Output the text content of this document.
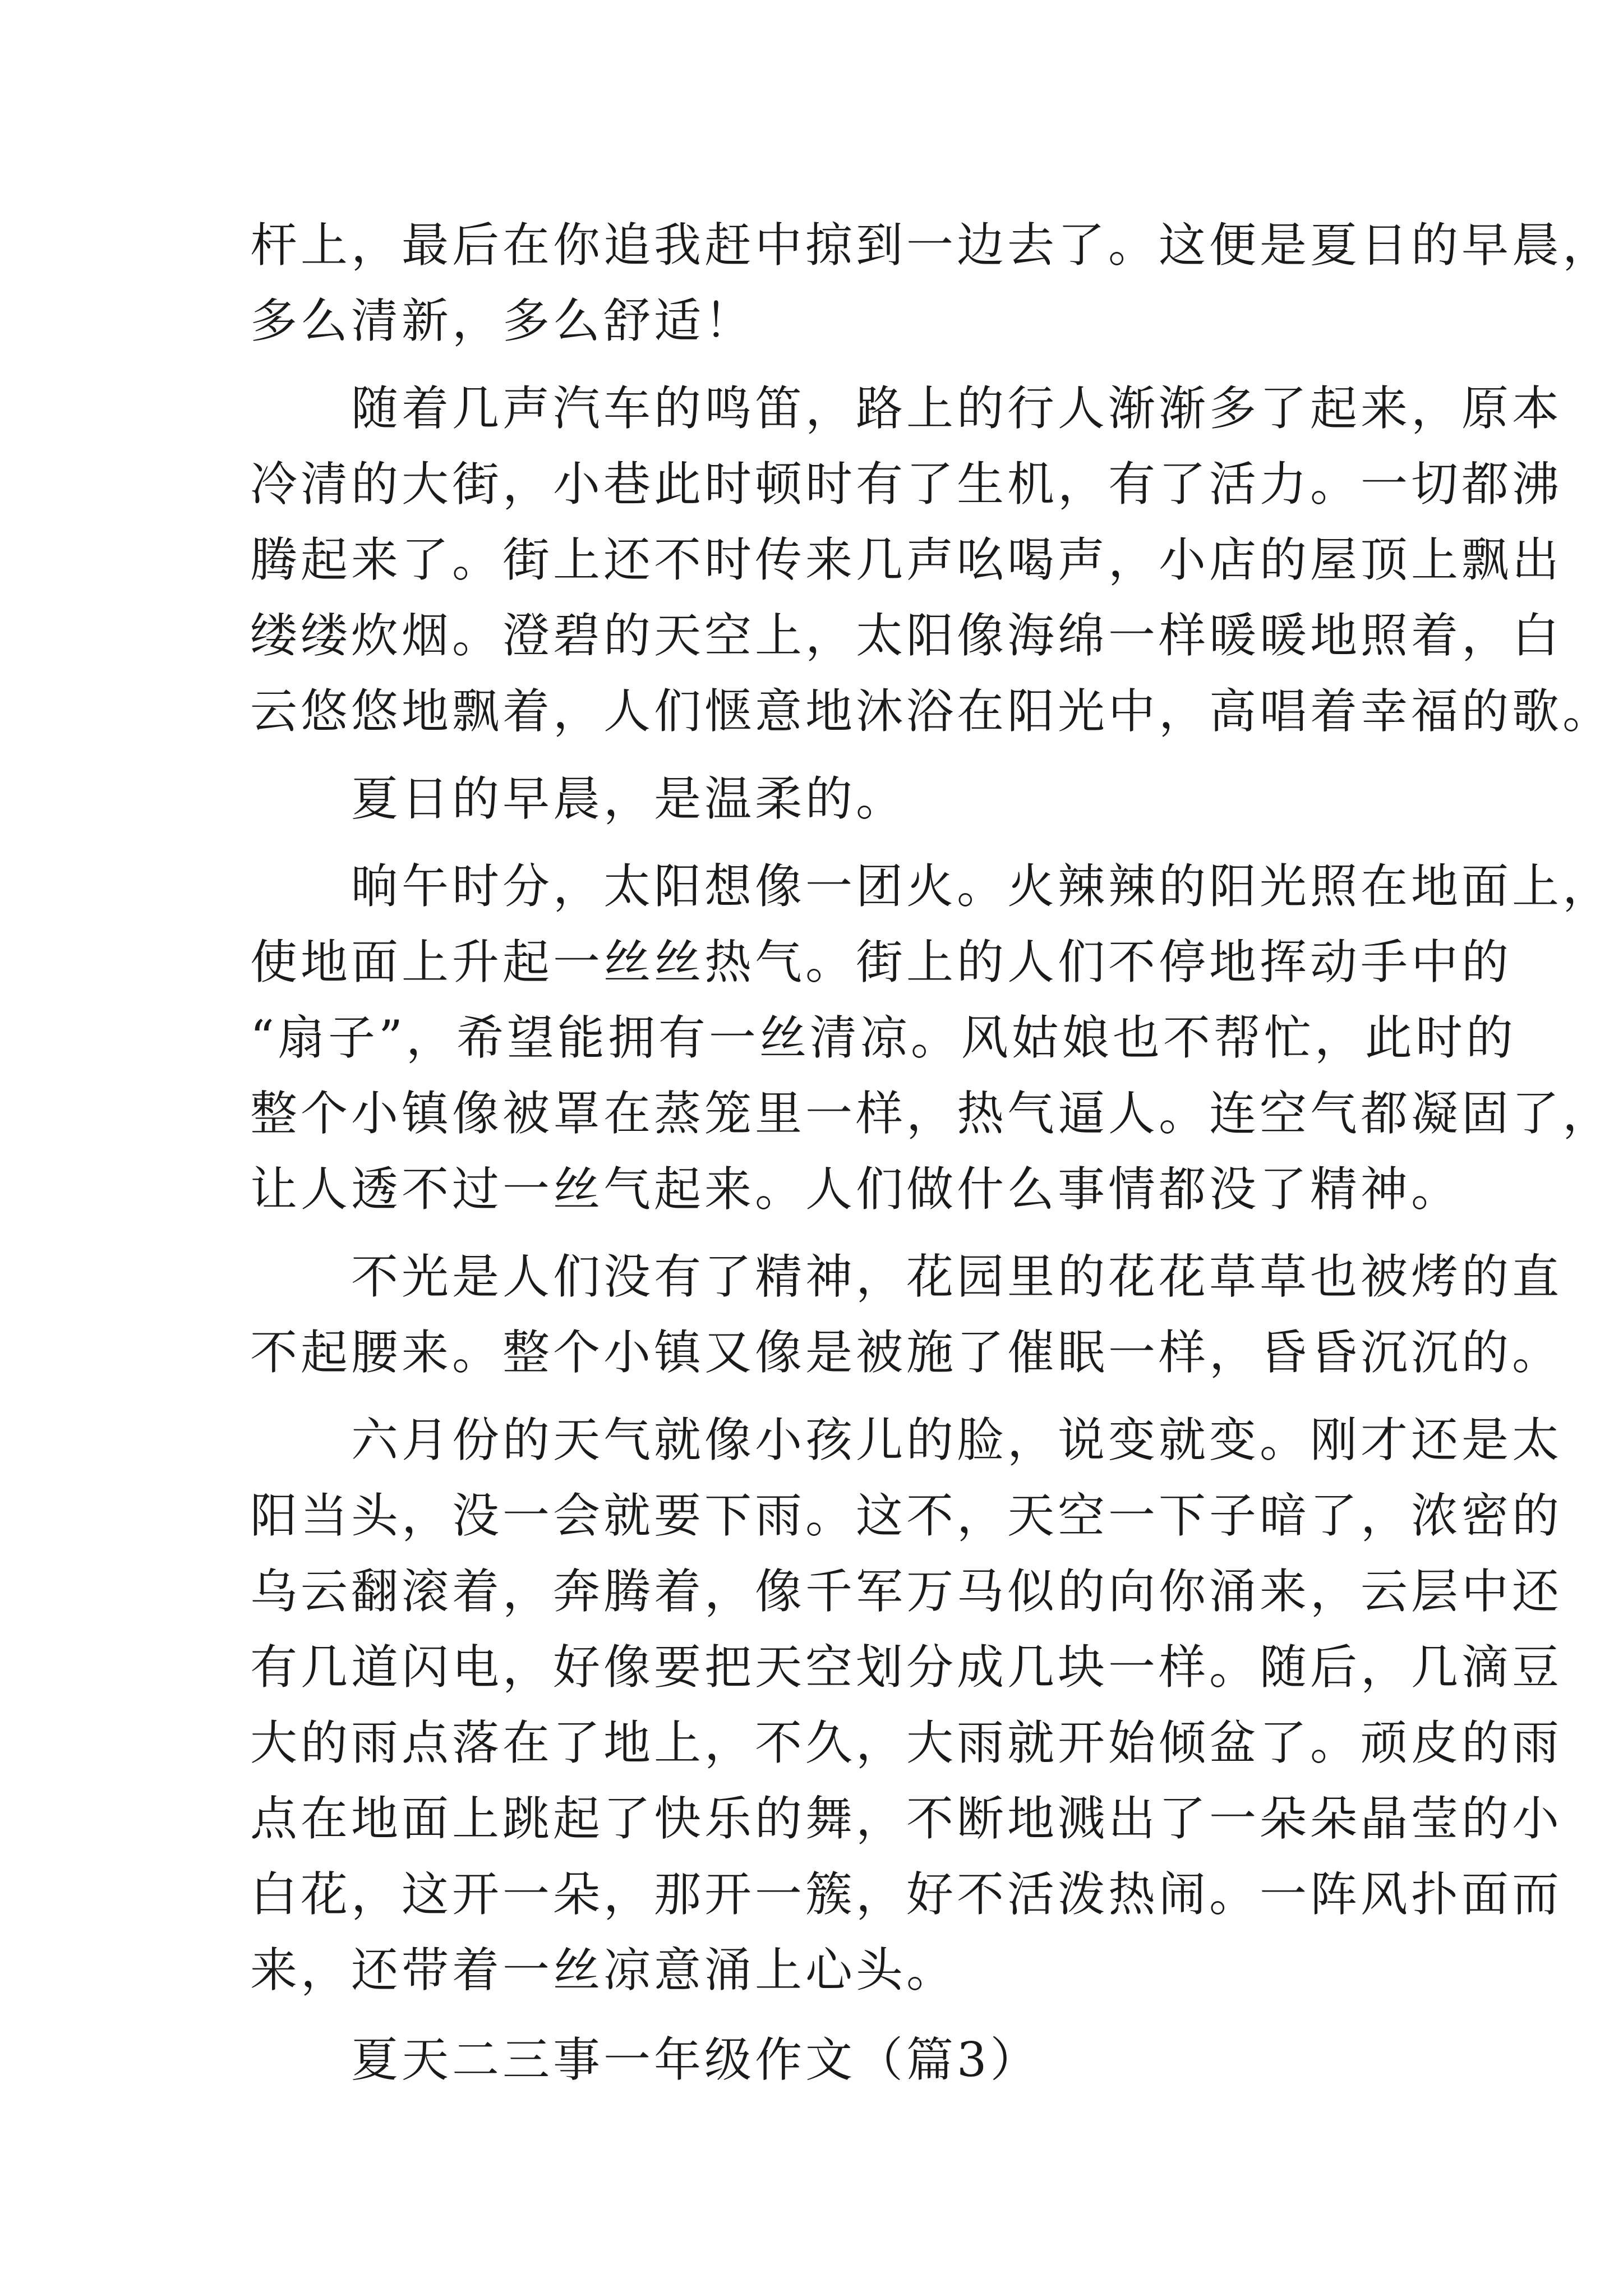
杆上，最后在你追我赶中掠到一边去了。这便是夏日的早晨，
多么清新，多么舒适！
　　随着几声汽车的鸣笛，路上的行人渐渐多了起来，原本
冷清的大街，小巷此时顿时有了生机，有了活力。一切都沸
腾起来了。街上还不时传来几声吆喝声，小店的屋顶上飘出
缕缕炊烟。澄碧的天空上，太阳像海绵一样暖暖地照着，白
云悠悠地飘着，人们惬意地沐浴在阳光中，高唱着幸福的歌。
　　夏日的早晨，是温柔的。
　　晌午时分，太阳想像一团火。火辣辣的阳光照在地面上，
使地面上升起一丝丝热气。街上的人们不停地挥动手中的
“扇子”，希望能拥有一丝清凉。风姑娘也不帮忙，此时的
整个小镇像被罩在蒸笼里一样，热气逼人。连空气都凝固了，
让人透不过一丝气起来。人们做什么事情都没了精神。
　　不光是人们没有了精神，花园里的花花草草也被烤的直
不起腰来。整个小镇又像是被施了催眠一样，昏昏沉沉的。
　　六月份的天气就像小孩儿的脸，说变就变。刚才还是太
阳当头，没一会就要下雨。这不，天空一下子暗了，浓密的
乌云翻滚着，奔腾着，像千军万马似的向你涌来，云层中还
有几道闪电，好像要把天空划分成几块一样。随后，几滴豆
大的雨点落在了地上，不久，大雨就开始倾盆了。顽皮的雨
点在地面上跳起了快乐的舞，不断地溅出了一朵朵晶莹的小
白花，这开一朵，那开一簇，好不活泼热闹。一阵风扑面而
来，还带着一丝凉意涌上心头。
　　夏天二三事一年级作文（篇3）
